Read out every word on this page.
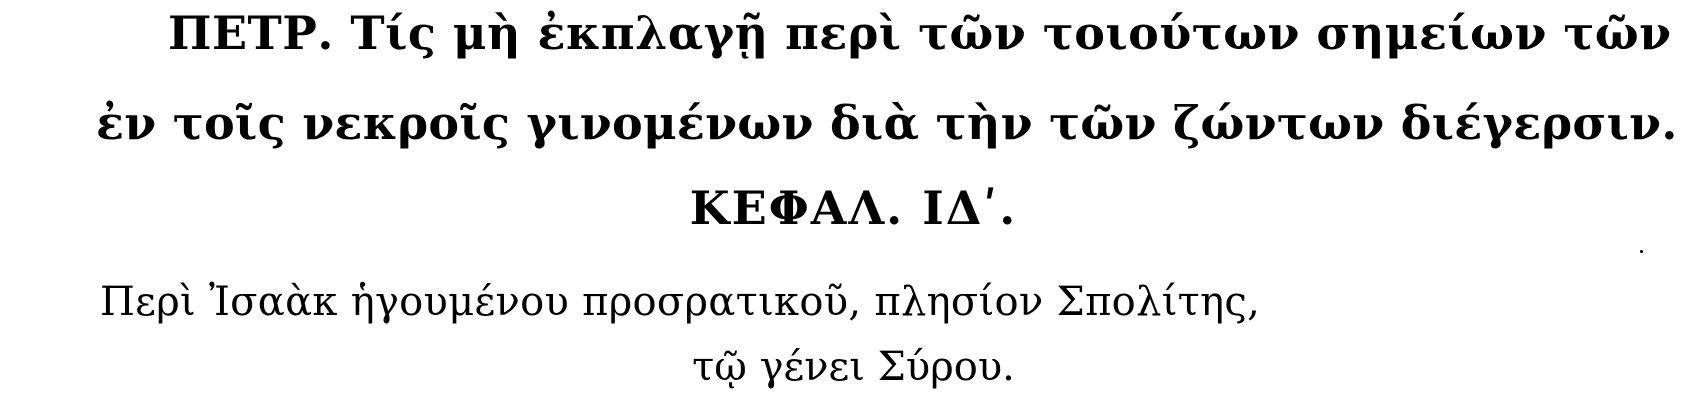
ΠΕΤΡ. Τίς μὴ ἐκπλαγῇ περὶ τῶν τοιούτων σημείων τῶν
ἐν τοῖς νεκροῖς γινομένων διὰ τὴν τῶν ζώντων διέγερσιν.
ΚΕΦΑΛ. ΙΔʹ.
Περὶ Ἰσαὰκ ἡγουμένου προσρατικοῦ, πλησίον Σπολίτης,
τῷ γένει Σύρου.
